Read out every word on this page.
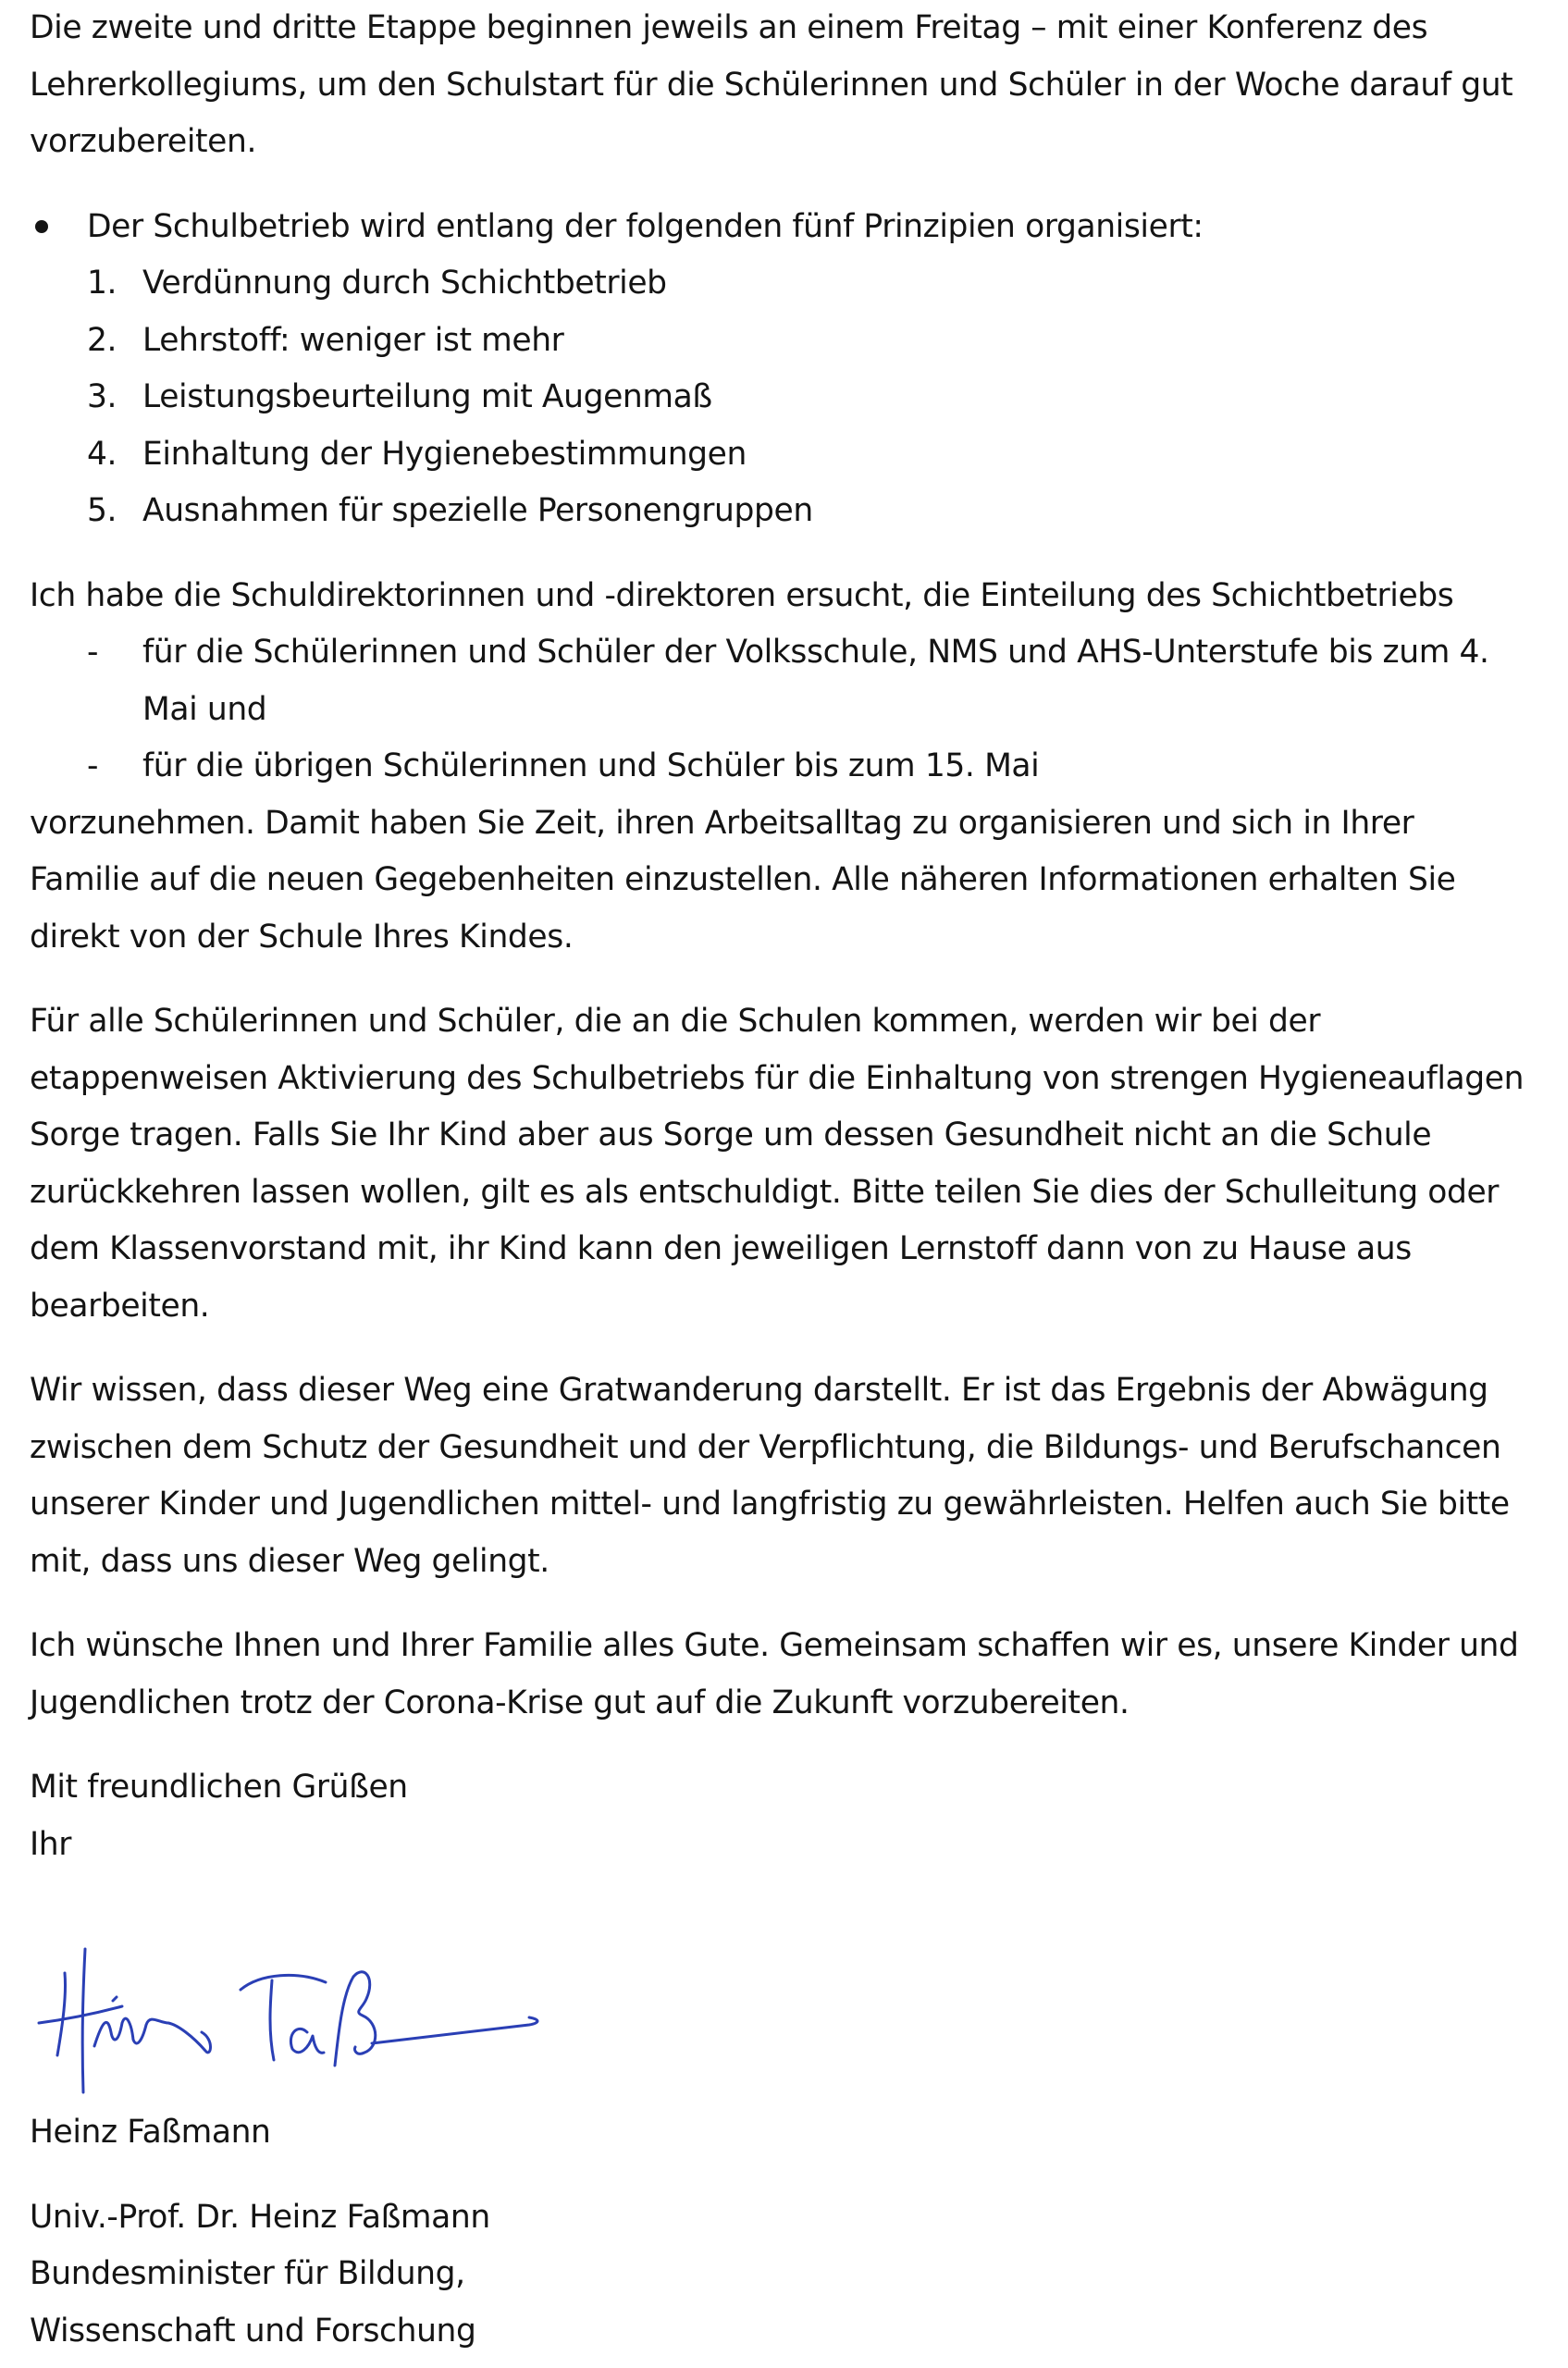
Die zweite und dritte Etappe beginnen jeweils an einem Freitag – mit einer Konferenz des Lehrerkollegiums, um den Schulstart für die Schülerinnen und Schüler in der Woche darauf gut vorzubereiten.

Der Schulbetrieb wird entlang der folgenden fünf Prinzipien organisiert:
1. Verdünnung durch Schichtbetrieb
2. Lehrstoff: weniger ist mehr
3. Leistungsbeurteilung mit Augenmaß
4. Einhaltung der Hygienebestimmungen
5. Ausnahmen für spezielle Personengruppen

Ich habe die Schuldirektorinnen und -direktoren ersucht, die Einteilung des Schichtbetriebs

- für die Schülerinnen und Schüler der Volksschule, NMS und AHS-Unterstufe bis zum 4. Mai und
- für die übrigen Schülerinnen und Schüler bis zum 15. Mai

vorzunehmen. Damit haben Sie Zeit, ihren Arbeitsalltag zu organisieren und sich in Ihrer Familie auf die neuen Gegebenheiten einzustellen. Alle näheren Informationen erhalten Sie direkt von der Schule Ihres Kindes.

Für alle Schülerinnen und Schüler, die an die Schulen kommen, werden wir bei der etappenweisen Aktivierung des Schulbetriebs für die Einhaltung von strengen Hygieneauflagen Sorge tragen. Falls Sie Ihr Kind aber aus Sorge um dessen Gesundheit nicht an die Schule zurückkehren lassen wollen, gilt es als entschuldigt. Bitte teilen Sie dies der Schulleitung oder dem Klassenvorstand mit, ihr Kind kann den jeweiligen Lernstoff dann von zu Hause aus bearbeiten.

Wir wissen, dass dieser Weg eine Gratwanderung darstellt. Er ist das Ergebnis der Abwägung zwischen dem Schutz der Gesundheit und der Verpflichtung, die Bildungs- und Berufschancen unserer Kinder und Jugendlichen mittel- und langfristig zu gewährleisten. Helfen auch Sie bitte mit, dass uns dieser Weg gelingt.

Ich wünsche Ihnen und Ihrer Familie alles Gute. Gemeinsam schaffen wir es, unsere Kinder und Jugendlichen trotz der Corona-Krise gut auf die Zukunft vorzubereiten.

Mit freundlichen Grüßen
Ihr

Heinz Faßmann

Univ.-Prof. Dr. Heinz Faßmann
Bundesminister für Bildung,
Wissenschaft und Forschung
